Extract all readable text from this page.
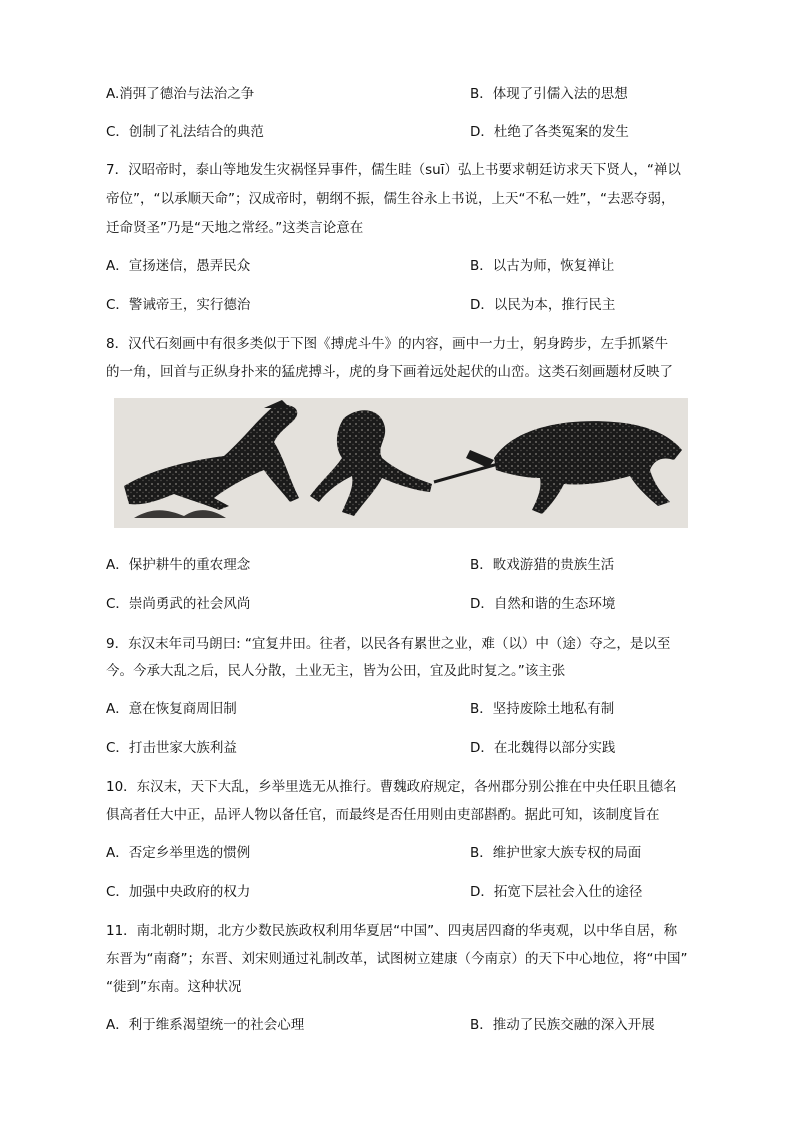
A.消弭了德治与法治之争	B．体现了引儒入法的思想
C．创制了礼法结合的典范	D．杜绝了各类冤案的发生
7．汉昭帝时，泰山等地发生灾祸怪异事件，儒生眭（suī）弘上书要求朝廷访求天下贤人，“禅以
帝位”，“以承顺天命”；汉成帝时，朝纲不振，儒生谷永上书说，上天“不私一姓”，“去恶夺弱，
迁命贤圣”乃是“天地之常经。”这类言论意在
A．宣扬迷信，愚弄民众	B．以古为师，恢复禅让
C．警诫帝王，实行德治	D．以民为本，推行民主
8．汉代石刻画中有很多类似于下图《搏虎斗牛》的内容，画中一力士，躬身跨步，左手抓紧牛
的一角，回首与正纵身扑来的猛虎搏斗，虎的身下画着远处起伏的山峦。这类石刻画题材反映了
A．保护耕牛的重农理念	B．畋戏游猎的贵族生活
C．崇尚勇武的社会风尚	D．自然和谐的生态环境
9．东汉末年司马朗曰: “宜复井田。往者，以民各有累世之业，难（以）中（途）夺之，是以至
今。今承大乱之后，民人分散，土业无主，皆为公田，宜及此时复之。”该主张
A．意在恢复商周旧制	B．坚持废除土地私有制
C．打击世家大族利益	D．在北魏得以部分实践
10．东汉末，天下大乱，乡举里选无从推行。曹魏政府规定，各州郡分别公推在中央任职且德名
俱高者任大中正，品评人物以备任官，而最终是否任用则由吏部斟酌。据此可知，该制度旨在
A．否定乡举里选的惯例	B．维护世家大族专权的局面
C．加强中央政府的权力	D．拓宽下层社会入仕的途径
11．南北朝时期，北方少数民族政权利用华夏居“中国”、四夷居四裔的华夷观，以中华自居，称
东晋为“南裔”；东晋、刘宋则通过礼制改革，试图树立建康（今南京）的天下中心地位，将“中国”
“徙到”东南。这种状况
A．利于维系渴望统一的社会心理	B．推动了民族交融的深入开展
